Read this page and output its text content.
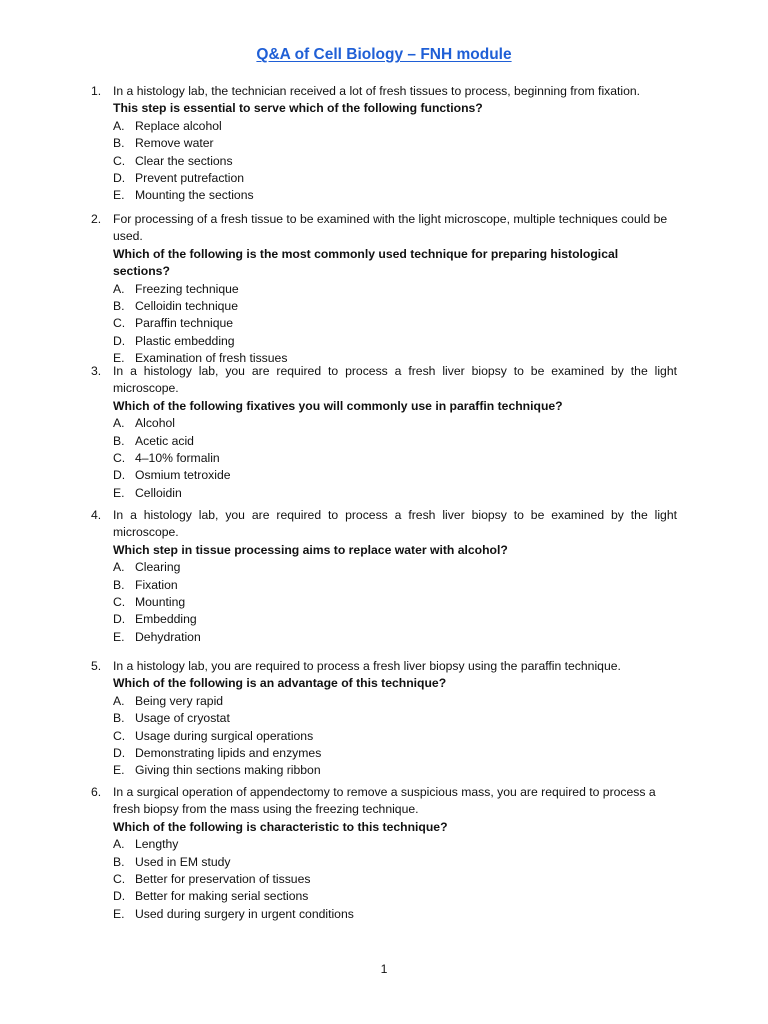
Q&A of Cell Biology – FNH module
1. In a histology lab, the technician received a lot of fresh tissues to process, beginning from fixation.

This step is essential to serve which of the following functions?

A. Replace alcohol
B. Remove water
C. Clear the sections
D. Prevent putrefaction
E. Mounting the sections
2. For processing of a fresh tissue to be examined with the light microscope, multiple techniques could be used.

Which of the following is the most commonly used technique for preparing histological sections?

A. Freezing technique
B. Celloidin technique
C. Paraffin technique
D. Plastic embedding
E. Examination of fresh tissues
3. In a histology lab, you are required to process a fresh liver biopsy to be examined by the light microscope.

Which of the following fixatives you will commonly use in paraffin technique?

A. Alcohol
B. Acetic acid
C. 4–10% formalin
D. Osmium tetroxide
E. Celloidin
4. In a histology lab, you are required to process a fresh liver biopsy to be examined by the light microscope.

Which step in tissue processing aims to replace water with alcohol?

A. Clearing
B. Fixation
C. Mounting
D. Embedding
E. Dehydration
5. In a histology lab, you are required to process a fresh liver biopsy using the paraffin technique.

Which of the following is an advantage of this technique?

A. Being very rapid
B. Usage of cryostat
C. Usage during surgical operations
D. Demonstrating lipids and enzymes
E. Giving thin sections making ribbon
6. In a surgical operation of appendectomy to remove a suspicious mass, you are required to process a fresh biopsy from the mass using the freezing technique.

Which of the following is characteristic to this technique?

A. Lengthy
B. Used in EM study
C. Better for preservation of tissues
D. Better for making serial sections
E. Used during surgery in urgent conditions
1
